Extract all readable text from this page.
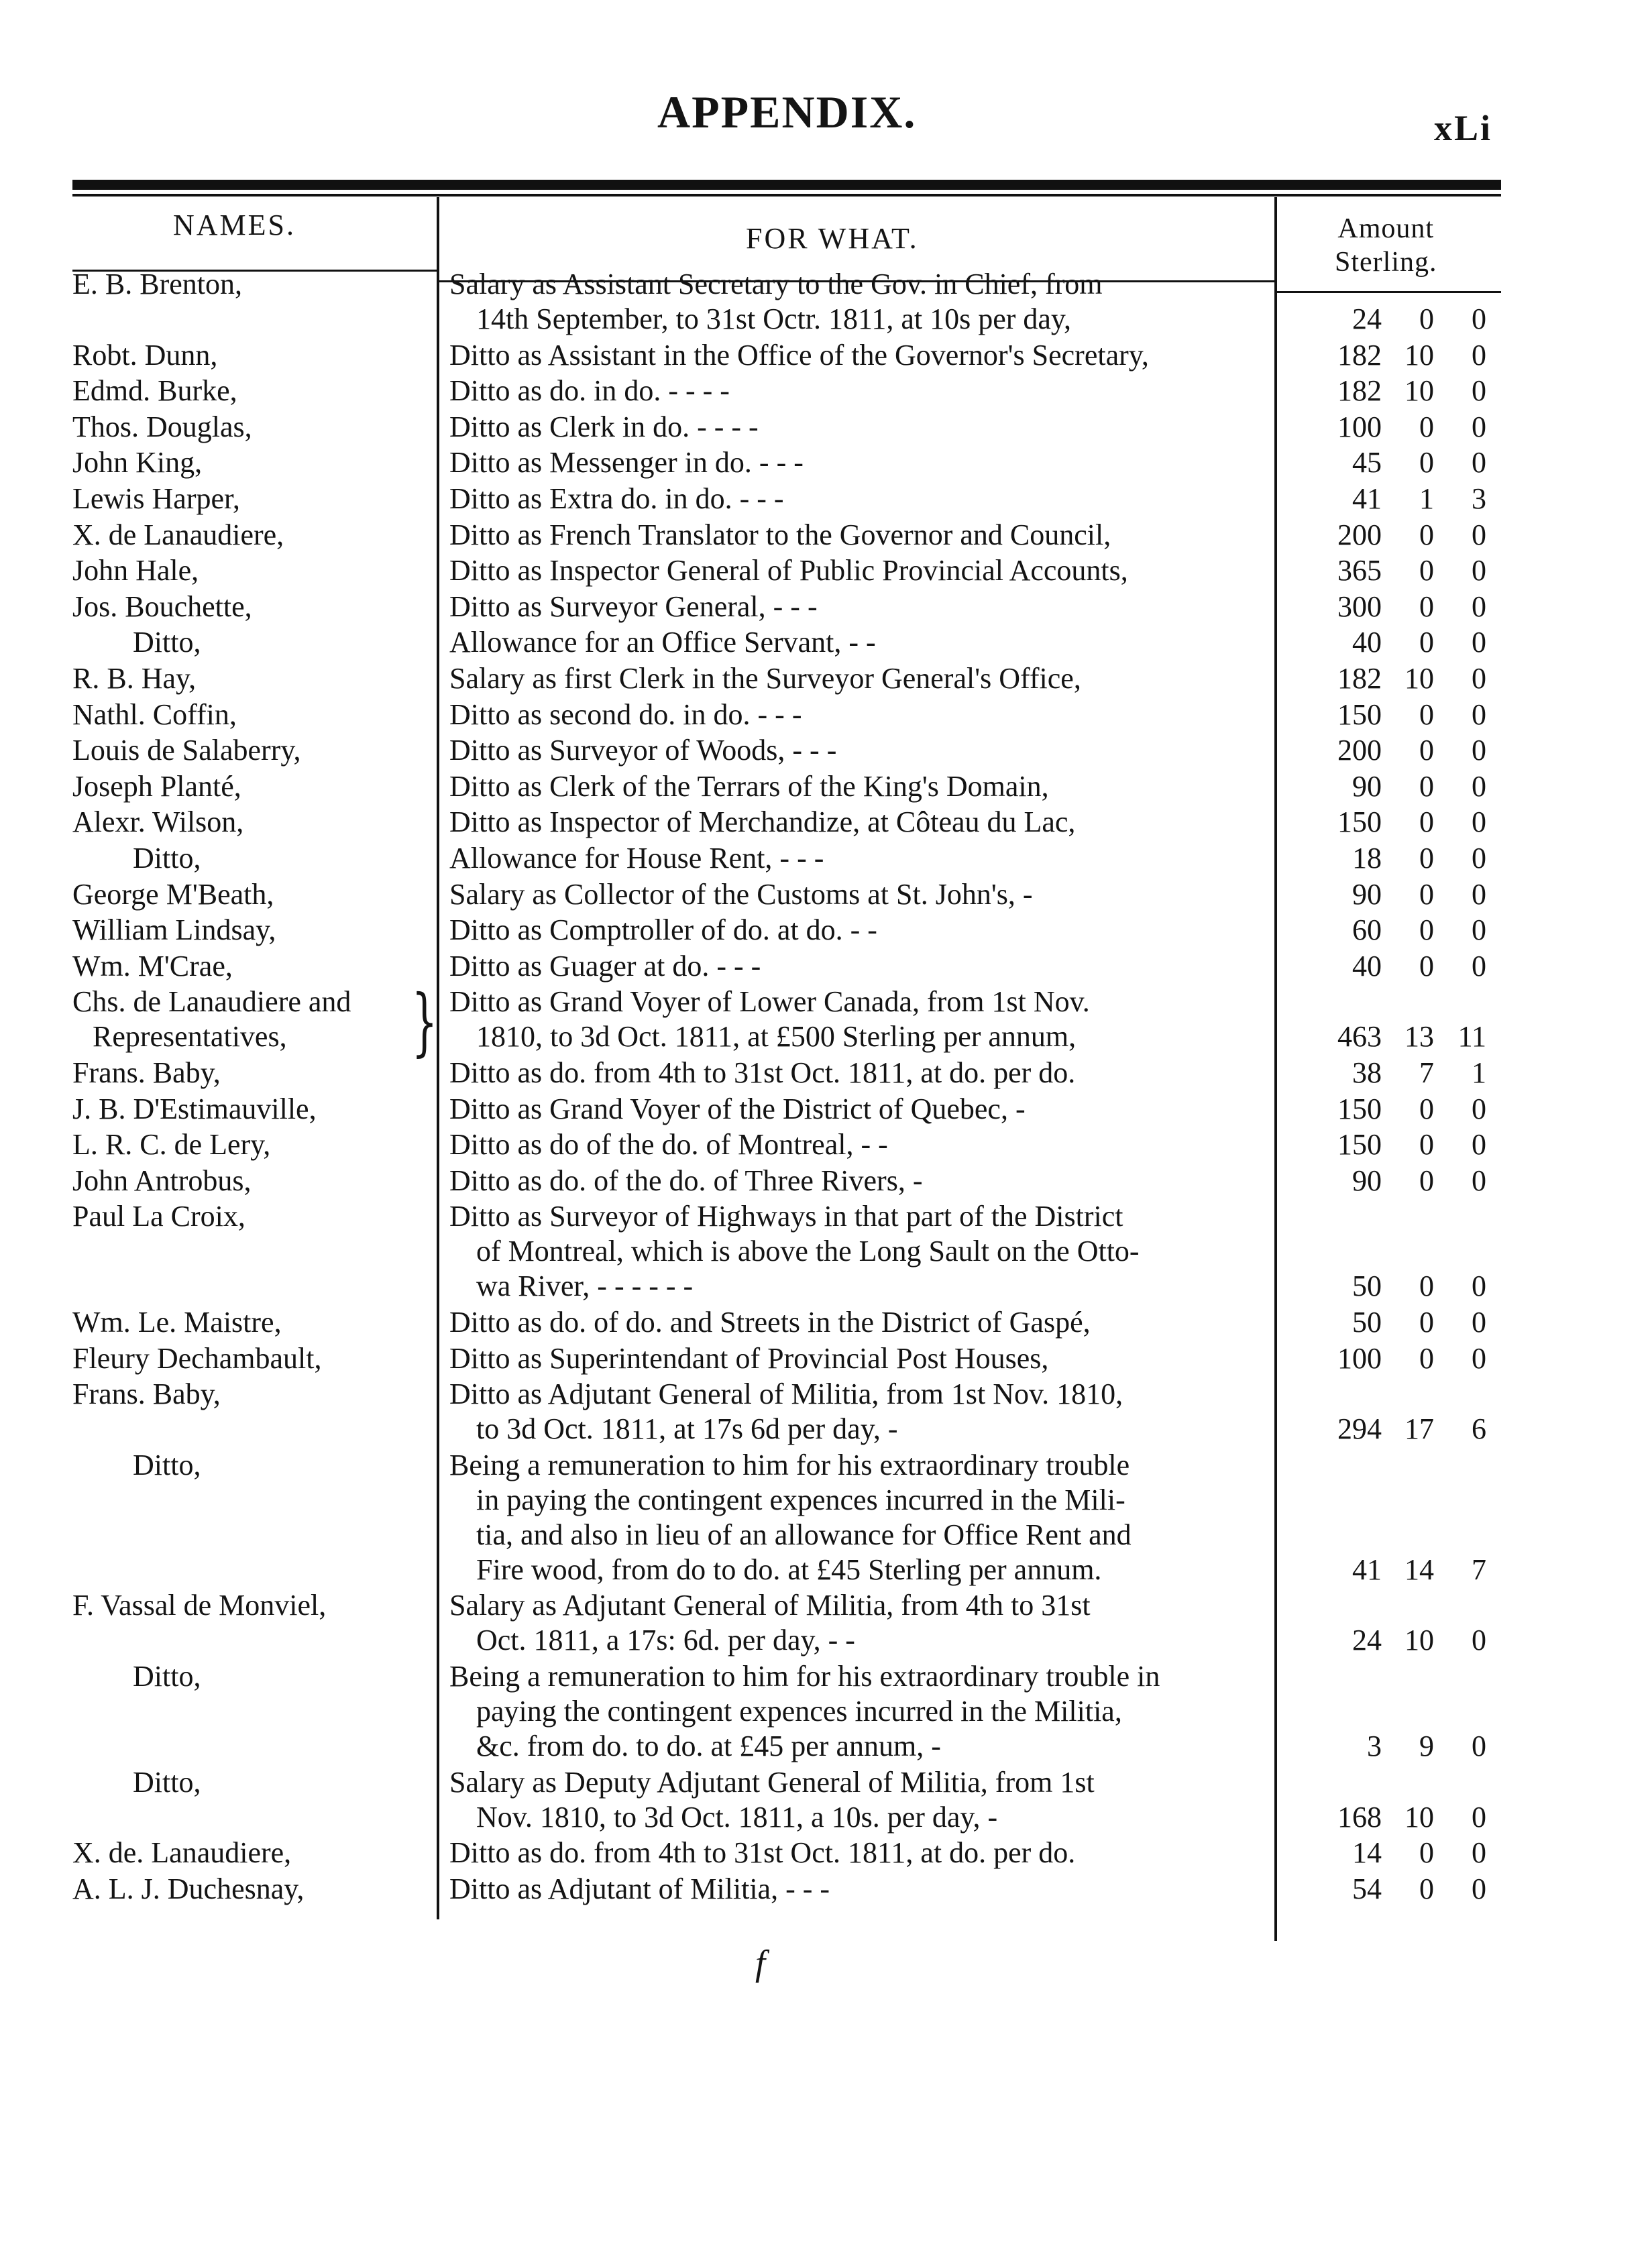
APPENDIX.	xLi
NAMES.	FOR WHAT.	Amount
Sterling.
E. B. Brenton,	Salary as Assistant Secretary to the Gov. in Chief, from
14th September, to 31st Octr. 1811, at 10s per day,	24	0	0
Robt. Dunn,	Ditto as Assistant in the Office of the Governor's Secretary,	182 10	0
Edmd. Burke,	Ditto as do. in do. - - - -	182 10	0
Thos. Douglas,	Ditto as Clerk in do. - - - -	100	0	0
John King,	Ditto as Messenger in do. - - -	45	0	0
Lewis Harper,	Ditto as Extra do. in do. - - -	41	1	3
X. de Lanaudiere,	Ditto as French Translator to the Governor and Council,	200	0	0
John Hale,	Ditto as Inspector General of Public Provincial Accounts,	365	0	0
Jos. Bouchette,	Ditto as Surveyor General, - - -	300	0	0
Ditto,	Allowance for an Office Servant, - -	40	0	0
R. B. Hay,	Salary as first Clerk in the Surveyor General's Office,	182 10	0
Nathl. Coffin,	Ditto as second do. in do. - - -	150	0	0
Louis de Salaberry,	Ditto as Surveyor of Woods, - - -	200	0	0
Joseph Planté,	Ditto as Clerk of the Terrars of the King's Domain,	90	0	0
Alexr. Wilson,	Ditto as Inspector of Merchandize, at Côteau du Lac,	150	0	0
Ditto,	Allowance for House Rent, - - -	18	0	0
George M'Beath,	Salary as Collector of the Customs at St. John's, -	90	0	0
William Lindsay,	Ditto as Comptroller of do. at do. - -	60	0	0
Wm. M'Crae,	Ditto as Guager at do. - - -	40	0	0
Chs. de Lanaudiere and
Representatives,	} Ditto as Grand Voyer of Lower Canada, from 1st Nov.
1810, to 3d Oct. 1811, at £500 Sterling per annum,	463 13 11
Frans. Baby,	Ditto as do. from 4th to 31st Oct. 1811, at do. per do.	38	7	1
J. B. D'Estimauville,	Ditto as Grand Voyer of the District of Quebec, -	150	0	0
L. R. C. de Lery,	Ditto as do of the do. of Montreal, - -	150	0	0
John Antrobus,	Ditto as do. of the do. of Three Rivers, -	90	0	0
Paul La Croix,	Ditto as Surveyor of Highways in that part of the District
of Montreal, which is above the Long Sault on the Otto-
wa River, - - - - - -	50	0	0
Wm. Le. Maistre,	Ditto as do. of do. and Streets in the District of Gaspé,	50	0	0
Fleury Dechambault,	Ditto as Superintendant of Provincial Post Houses,	100	0	0
Frans. Baby,	Ditto as Adjutant General of Militia, from 1st Nov. 1810,
to 3d Oct. 1811, at 17s 6d per day, -	294 17	6
Ditto,	Being a remuneration to him for his extraordinary trouble
in paying the contingent expences incurred in the Mili-
tia, and also in lieu of an allowance for Office Rent and
Fire wood, from do to do. at £45 Sterling per annum.	41 14	7
F. Vassal de Monviel,	Salary as Adjutant General of Militia, from 4th to 31st
Oct. 1811, a 17s: 6d. per day, - -	24 10	0
Ditto,	Being a remuneration to him for his extraordinary trouble in
paying the contingent expences incurred in the Militia,
&c. from do. to do. at £45 per annum, -	3	9	0
Ditto,	Salary as Deputy Adjutant General of Militia, from 1st
Nov. 1810, to 3d Oct. 1811, a 10s. per day, -	168 10	0
X. de. Lanaudiere,	Ditto as do. from 4th to 31st Oct. 1811, at do. per do.	14	0	0
A. L. J. Duchesnay,	Ditto as Adjutant of Militia, - - -	54	0	0
f
